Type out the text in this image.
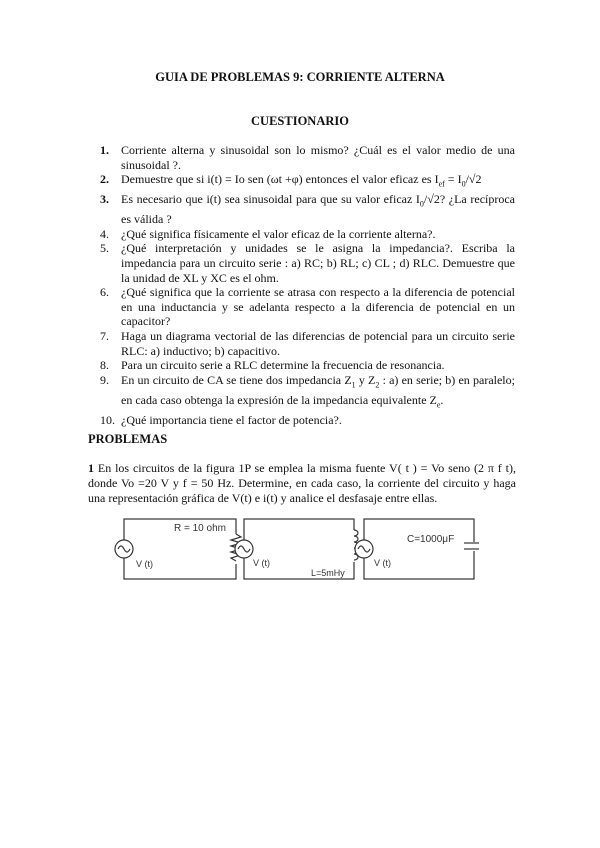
GUIA DE PROBLEMAS 9: CORRIENTE ALTERNA
CUESTIONARIO
1. Corriente alterna y sinusoidal son lo mismo? ¿Cuál es el valor medio de una sinusoidal ?.
2. Demuestre que si i(t) = Io sen (ωt +φ) entonces el valor eficaz es $I_{ef} = I_0/√2$
3. Es necesario que i(t) sea sinusoidal para que su valor eficaz $I_0/√2$? ¿La recíproca es válida ?
4. ¿Qué significa físicamente el valor eficaz de la corriente alterna?.
5. ¿Qué interpretación y unidades se le asigna la impedancia?. Escriba la impedancia para un circuito serie : a) RC; b) RL; c) CL ; d) RLC. Demuestre que la unidad de XL y XC es el ohm.
6. ¿Qué significa que la corriente se atrasa con respecto a la diferencia de potencial en una inductancia y se adelanta respecto a la diferencia de potencial en un capacitor?
7. Haga un diagrama vectorial de las diferencias de potencial para un circuito serie RLC: a) inductivo; b) capacitivo.
8. Para un circuito serie a RLC determine la frecuencia de resonancia.
9. En un circuito de CA se tiene dos impedancia $Z_1$ y $Z_2$ : a) en serie; b) en paralelo; en cada caso obtenga la expresión de la impedancia equivalente $Z_e$.
10. ¿Qué importancia tiene el factor de potencia?.
PROBLEMAS
1 En los circuitos de la figura 1P se emplea la misma fuente V( t ) = Vo seno (2 π f t), donde Vo =20 V y f = 50 Hz. Determine, en cada caso, la corriente del circuito y haga una representación gráfica de V(t) e i(t) y analice el desfasaje entre ellas.
V (t)
R = 10 ohm
V (t)
L=5mHy
V (t)
C=1000μF
